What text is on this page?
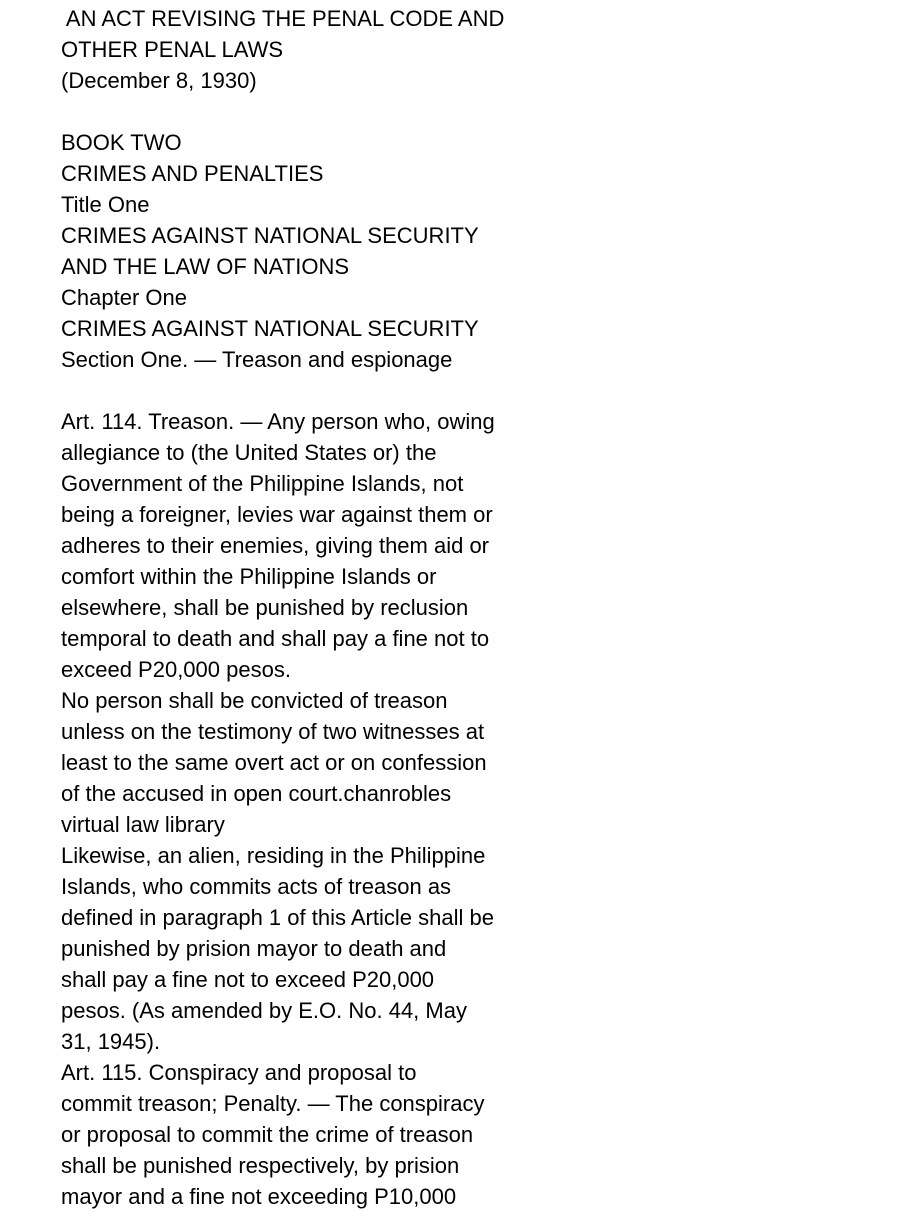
AN ACT REVISING THE PENAL CODE AND
OTHER PENAL LAWS
(December 8, 1930)
BOOK TWO
CRIMES AND PENALTIES
Title One
CRIMES AGAINST NATIONAL SECURITY
AND THE LAW OF NATIONS
Chapter One
CRIMES AGAINST NATIONAL SECURITY
Section One. — Treason and espionage
Art. 114. Treason. — Any person who, owing
allegiance to (the United States or) the
Government of the Philippine Islands, not
being a foreigner, levies war against them or
adheres to their enemies, giving them aid or
comfort within the Philippine Islands or
elsewhere, shall be punished by reclusion
temporal to death and shall pay a fine not to
exceed P20,000 pesos.
No person shall be convicted of treason
unless on the testimony of two witnesses at
least to the same overt act or on confession
of the accused in open court.chanrobles
virtual law library
Likewise, an alien, residing in the Philippine
Islands, who commits acts of treason as
defined in paragraph 1 of this Article shall be
punished by prision mayor to death and
shall pay a fine not to exceed P20,000
pesos. (As amended by E.O. No. 44, May
31, 1945).
Art. 115. Conspiracy and proposal to
commit treason; Penalty. — The conspiracy
or proposal to commit the crime of treason
shall be punished respectively, by prision
mayor and a fine not exceeding P10,000
